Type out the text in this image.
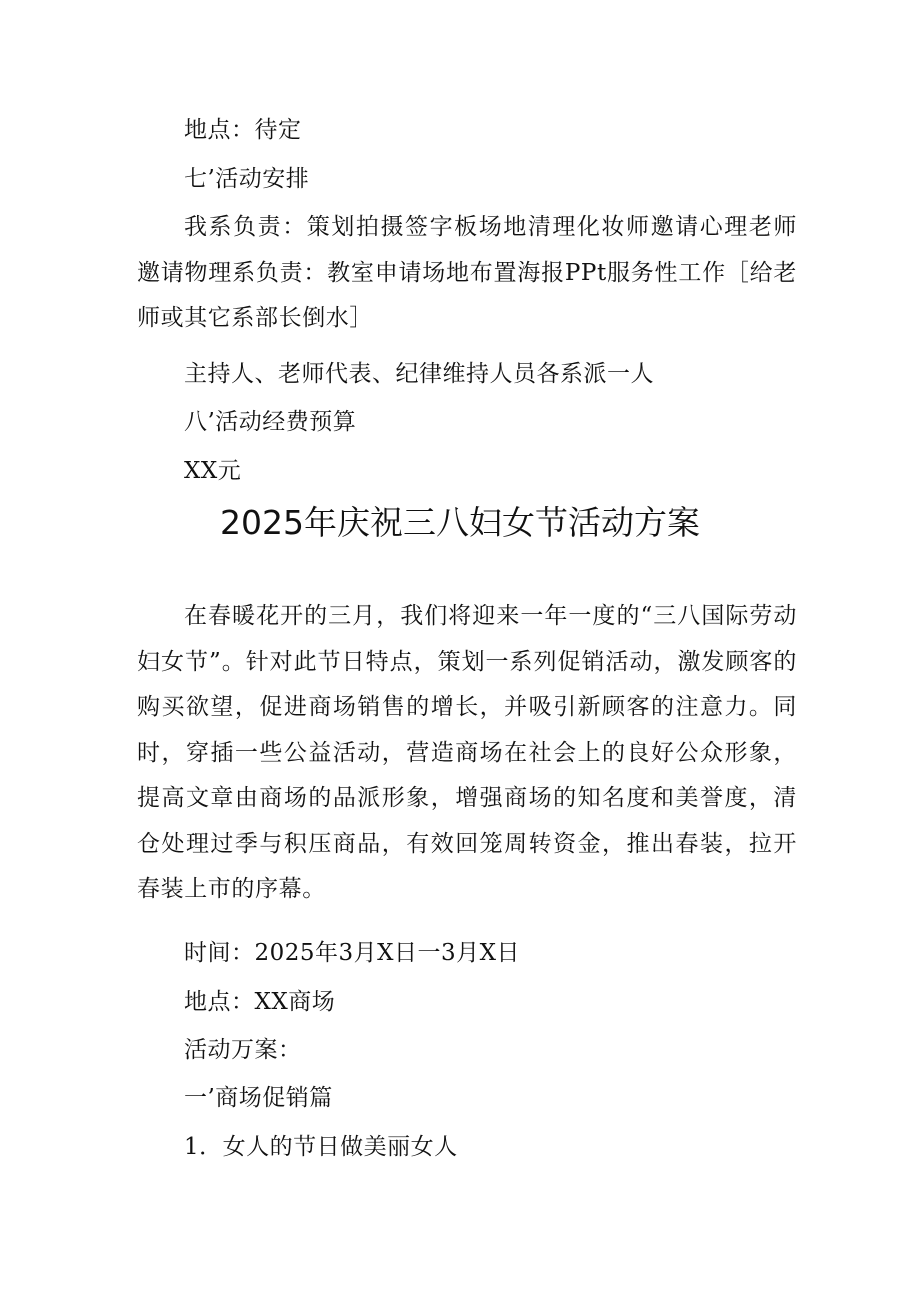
地点：待定
七’活动安排
我系负责：策划拍摄签字板场地清理化妆师邀请心理老师邀请物理系负责：教室申请场地布置海报PPt服务性工作［给老师或其它系部长倒水］
主持人、老师代表、纪律维持人员各系派一人
八’活动经费预算
XX元
2025年庆祝三八妇女节活动方案
在春暖花开的三月，我们将迎来一年一度的“三八国际劳动妇女节”。针对此节日特点，策划一系列促销活动，激发顾客的购买欲望，促进商场销售的增长，并吸引新顾客的注意力。同时，穿插一些公益活动，营造商场在社会上的良好公众形象，提高文章由商场的品派形象，增强商场的知名度和美誉度，清仓处理过季与积压商品，有效回笼周转资金，推出春装，拉开春装上市的序幕。
时间：2025年3月X日一3月X日
地点：XX商场
活动万案：
一’商场促销篇
1．女人的节日做美丽女人
